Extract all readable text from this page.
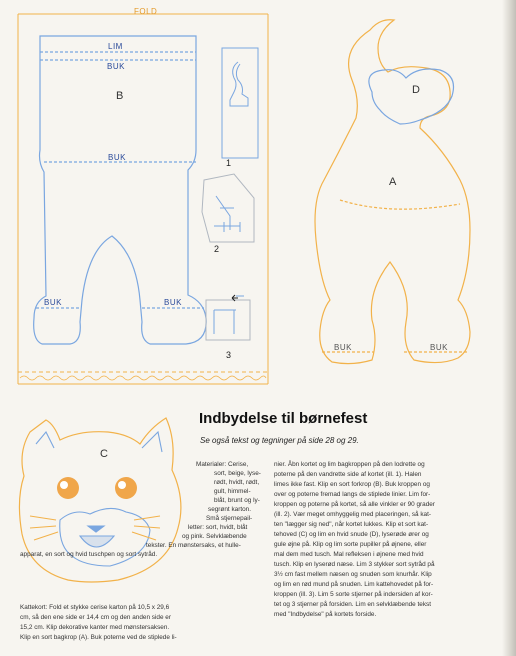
FOLD
LIM
BUK
B
BUK
BUK	BUK
1
2
3
D
A
BUK	BUK
C
Indbydelse til børnefest
Se også tekst og tegninger på side 28 og 29.
Materialer: Cerise,
sort, beige, lyse-
rødt, hvidt, rødt,
gult, himmel-
blåt, brunt og ly-
segrønt karton.
Små stjernepail-
letter: sort, hvidt, blåt
og pink. Selvklæbende
tekster. En mønstersaks, et hulle-
apparat, en sort og hvid tuschpen og sort sytråd.
Kattekort: Fold et stykke cerise karton på 10,5 x 29,6
cm, så den ene side er 14,4 cm og den anden side er
15,2 cm. Klip dekorative kanter med mønstersaksen.
Klip en sort bagkrop (A). Buk poterne ved de stiplede li-
nier. Åbn kortet og lim bagkroppen på den lodrette og
poterne på den vandrette side af kortet (ill. 1). Halen
limes ikke fast. Klip en sort forkrop (B). Buk kroppen og
over og poterne fremad langs de stiplede linier. Lim for-
kroppen og poterne på kortet, så alle vinkler er 90 grader
(ill. 2). Vær meget omhyggelig med placeringen, så kat-
ten "lægger sig ned", når kortet lukkes. Klip et sort kat-
tehoved (C) og lim en hvid snude (D), lyserøde ører og
gule øjne på. Klip og lim sorte pupiller på øjnene, eller
mal dem med tusch. Mal refleksen i øjnene med hvid
tusch. Klip en lyserød næse. Lim 3 stykker sort sytråd på
3½ cm fast mellem næsen og snuden som knurhår. Klip
og lim en rød mund på snuden. Lim kattehovedet på for-
kroppen (ill. 3). Lim 5 sorte stjerner på indersiden af kor-
tet og 3 stjerner på forsiden. Lim en selvklæbende tekst
med "Indbydelse" på kortets forside.
